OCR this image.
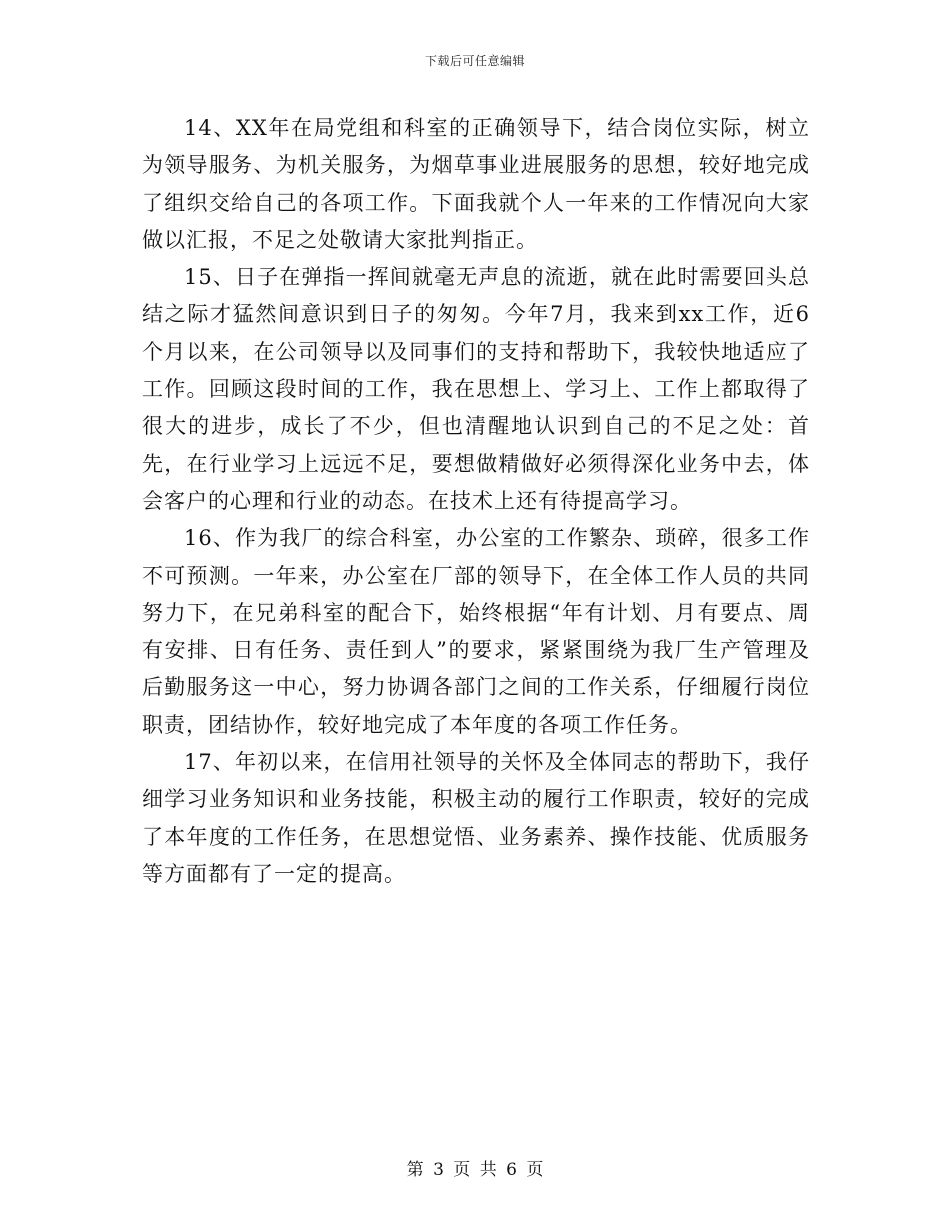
下载后可任意编辑

14、XX年在局党组和科室的正确领导下，结合岗位实际，树立为领导服务、为机关服务，为烟草事业进展服务的思想，较好地完成了组织交给自己的各项工作。下面我就个人一年来的工作情况向大家做以汇报，不足之处敬请大家批判指正。

15、日子在弹指一挥间就毫无声息的流逝，就在此时需要回头总结之际才猛然间意识到日子的匆匆。今年7月，我来到xx工作，近6个月以来，在公司领导以及同事们的支持和帮助下，我较快地适应了工作。回顾这段时间的工作，我在思想上、学习上、工作上都取得了很大的进步，成长了不少，但也清醒地认识到自己的不足之处：首先，在行业学习上远远不足，要想做精做好必须得深化业务中去，体会客户的心理和行业的动态。在技术上还有待提高学习。

16、作为我厂的综合科室，办公室的工作繁杂、琐碎，很多工作不可预测。一年来，办公室在厂部的领导下，在全体工作人员的共同努力下，在兄弟科室的配合下，始终根据“年有计划、月有要点、周有安排、日有任务、责任到人”的要求，紧紧围绕为我厂生产管理及后勤服务这一中心，努力协调各部门之间的工作关系，仔细履行岗位职责，团结协作，较好地完成了本年度的各项工作任务。

17、年初以来，在信用社领导的关怀及全体同志的帮助下，我仔细学习业务知识和业务技能，积极主动的履行工作职责，较好的完成了本年度的工作任务，在思想觉悟、业务素养、操作技能、优质服务等方面都有了一定的提高。

第 3 页 共 6 页
